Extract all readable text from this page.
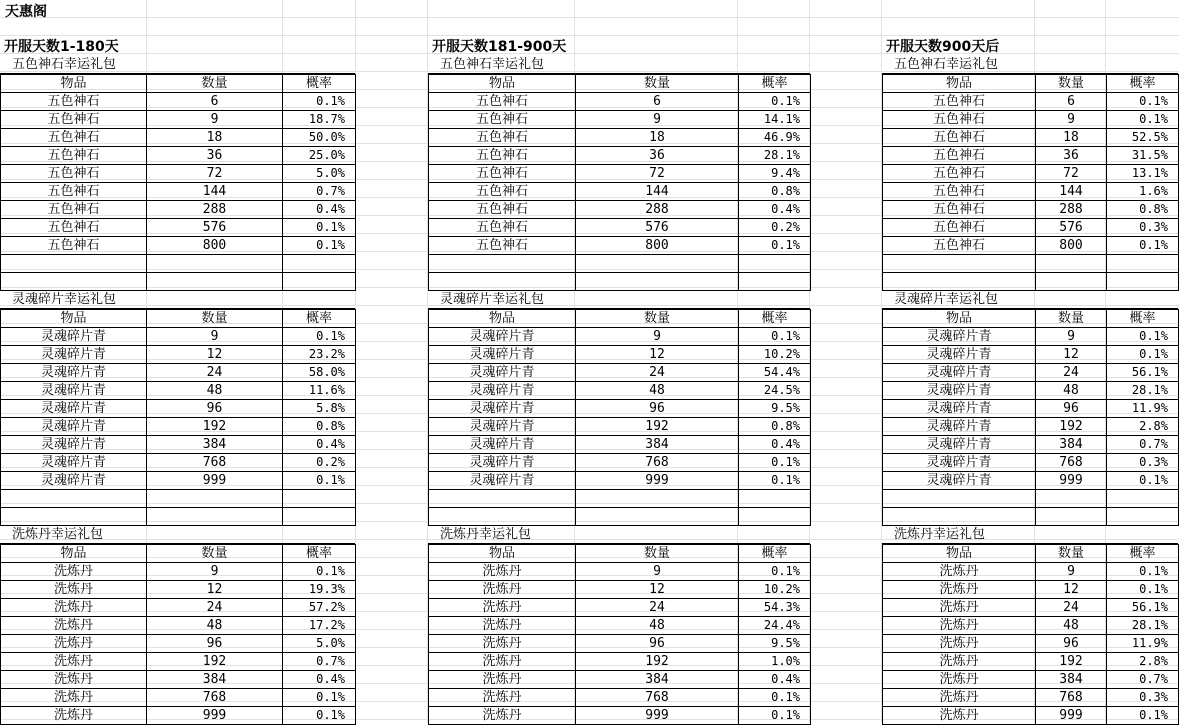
天惠阁
开服天数1-180天
五色神石幸运礼包
物品	数量	概率
五色神石	6	0.1%
五色神石	9	18.7%
五色神石	18	50.0%
五色神石	36	25.0%
五色神石	72	5.0%
五色神石	144	0.7%
五色神石	288	0.4%
五色神石	576	0.1%
五色神石	800	0.1%

灵魂碎片幸运礼包
物品	数量	概率
灵魂碎片青	9	0.1%
灵魂碎片青	12	23.2%
灵魂碎片青	24	58.0%
灵魂碎片青	48	11.6%
灵魂碎片青	96	5.8%
灵魂碎片青	192	0.8%
灵魂碎片青	384	0.4%
灵魂碎片青	768	0.2%
灵魂碎片青	999	0.1%

洗炼丹幸运礼包
物品	数量	概率
洗炼丹	9	0.1%
洗炼丹	12	19.3%
洗炼丹	24	57.2%
洗炼丹	48	17.2%
洗炼丹	96	5.0%
洗炼丹	192	0.7%
洗炼丹	384	0.4%
洗炼丹	768	0.1%
洗炼丹	999	0.1%
开服天数181-900天
五色神石幸运礼包
物品	数量	概率
五色神石	6	0.1%
五色神石	9	14.1%
五色神石	18	46.9%
五色神石	36	28.1%
五色神石	72	9.4%
五色神石	144	0.8%
五色神石	288	0.4%
五色神石	576	0.2%
五色神石	800	0.1%

灵魂碎片幸运礼包
物品	数量	概率
灵魂碎片青	9	0.1%
灵魂碎片青	12	10.2%
灵魂碎片青	24	54.4%
灵魂碎片青	48	24.5%
灵魂碎片青	96	9.5%
灵魂碎片青	192	0.8%
灵魂碎片青	384	0.4%
灵魂碎片青	768	0.1%
灵魂碎片青	999	0.1%

洗炼丹幸运礼包
物品	数量	概率
洗炼丹	9	0.1%
洗炼丹	12	10.2%
洗炼丹	24	54.3%
洗炼丹	48	24.4%
洗炼丹	96	9.5%
洗炼丹	192	1.0%
洗炼丹	384	0.4%
洗炼丹	768	0.1%
洗炼丹	999	0.1%
开服天数900天后
五色神石幸运礼包
物品	数量	概率
五色神石	6	0.1%
五色神石	9	0.1%
五色神石	18	52.5%
五色神石	36	31.5%
五色神石	72	13.1%
五色神石	144	1.6%
五色神石	288	0.8%
五色神石	576	0.3%
五色神石	800	0.1%

灵魂碎片幸运礼包
物品	数量	概率
灵魂碎片青	9	0.1%
灵魂碎片青	12	0.1%
灵魂碎片青	24	56.1%
灵魂碎片青	48	28.1%
灵魂碎片青	96	11.9%
灵魂碎片青	192	2.8%
灵魂碎片青	384	0.7%
灵魂碎片青	768	0.3%
灵魂碎片青	999	0.1%

洗炼丹幸运礼包
物品	数量	概率
洗炼丹	9	0.1%
洗炼丹	12	0.1%
洗炼丹	24	56.1%
洗炼丹	48	28.1%
洗炼丹	96	11.9%
洗炼丹	192	2.8%
洗炼丹	384	0.7%
洗炼丹	768	0.3%
洗炼丹	999	0.1%
